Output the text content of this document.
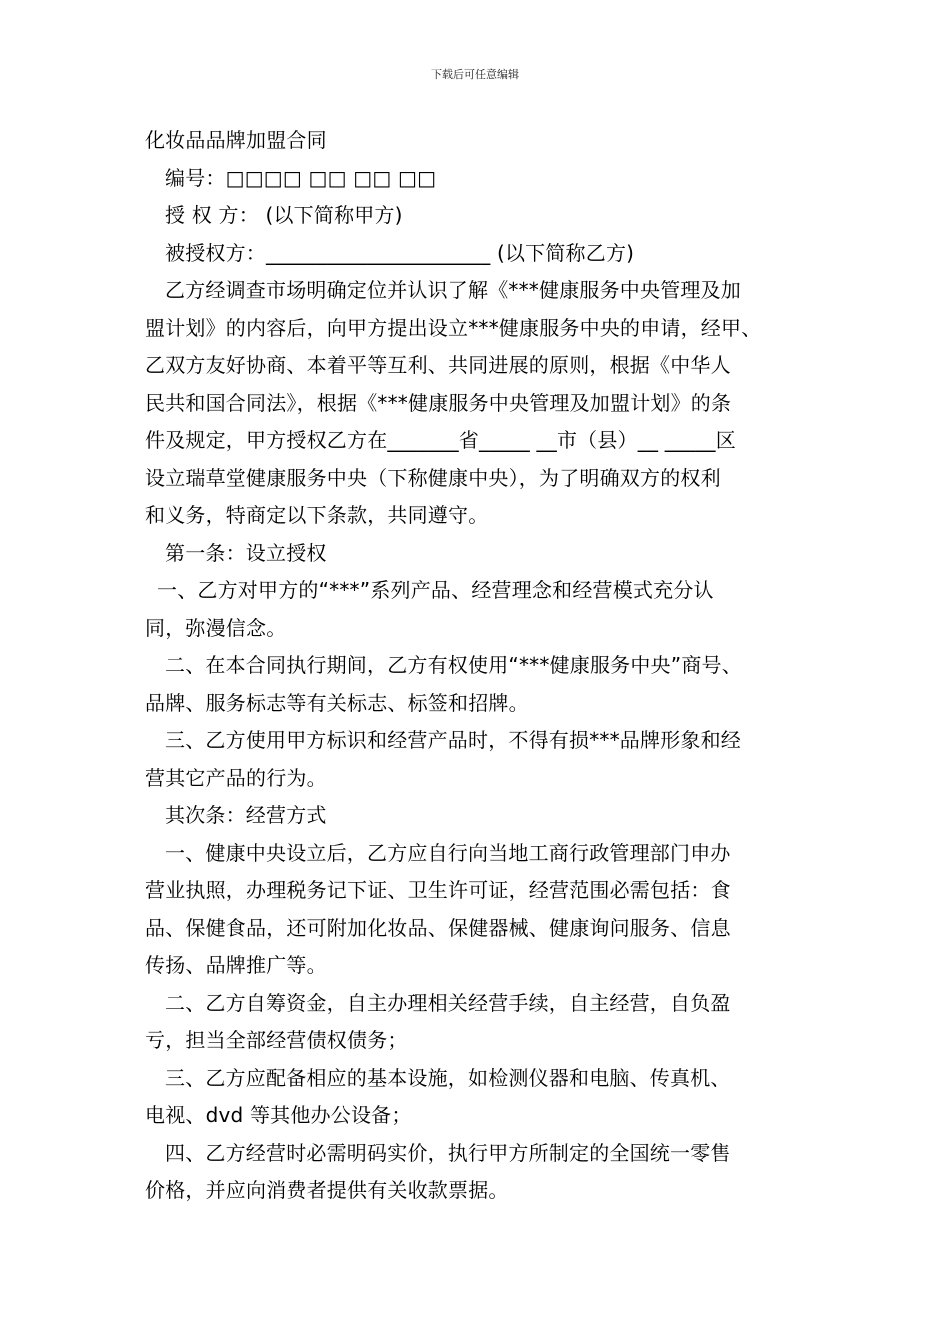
下载后可任意编辑
化妆品品牌加盟合同
编号：□□□□ □□ □□ □□
授 权 方： (以下简称甲方)
被授权方：______________________ (以下简称乙方)
乙方经调查市场明确定位并认识了解《***健康服务中央管理及加
盟计划》的内容后，向甲方提出设立***健康服务中央的申请，经甲、
乙双方友好协商、本着平等互利、共同进展的原则，根据《中华人
民共和国合同法》，根据《***健康服务中央管理及加盟计划》的条
件及规定，甲方授权乙方在_______省_____ __市（县）__ _____区
设立瑞草堂健康服务中央（下称健康中央），为了明确双方的权利
和义务，特商定以下条款，共同遵守。
第一条：设立授权
一、乙方对甲方的“***”系列产品、经营理念和经营模式充分认
同，弥漫信念。
二、在本合同执行期间，乙方有权使用“***健康服务中央”商号、
品牌、服务标志等有关标志、标签和招牌。
三、乙方使用甲方标识和经营产品时，不得有损***品牌形象和经
营其它产品的行为。
其次条：经营方式
一、健康中央设立后，乙方应自行向当地工商行政管理部门申办
营业执照，办理税务记下证、卫生许可证，经营范围必需包括：食
品、保健食品，还可附加化妆品、保健器械、健康询问服务、信息
传扬、品牌推广等。
二、乙方自筹资金，自主办理相关经营手续，自主经营，自负盈
亏，担当全部经营债权债务；
三、乙方应配备相应的基本设施，如检测仪器和电脑、传真机、
电视、dvd 等其他办公设备；
四、乙方经营时必需明码实价，执行甲方所制定的全国统一零售
价格，并应向消费者提供有关收款票据。
